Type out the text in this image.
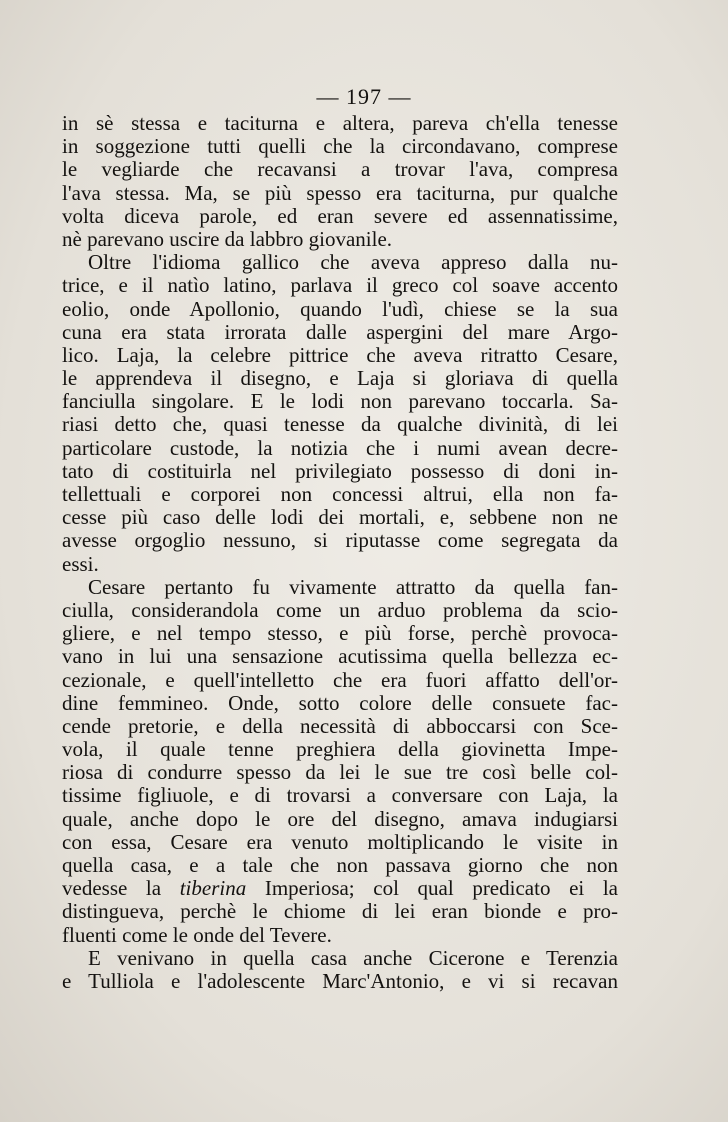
— 197 —
in sè stessa e taciturna e altera, pareva ch'ella tenesse
in soggezione tutti quelli che la circondavano, comprese
le vegliarde che recavansi a trovar l'ava, compresa
l'ava stessa. Ma, se più spesso era taciturna, pur qualche
volta diceva parole, ed eran severe ed assennatissime,
nè parevano uscire da labbro giovanile.
Oltre l'idioma gallico che aveva appreso dalla nu-
trice, e il natìo latino, parlava il greco col soave accento
eolio, onde Apollonio, quando l'udì, chiese se la sua
cuna era stata irrorata dalle aspergini del mare Argo-
lico. Laja, la celebre pittrice che aveva ritratto Cesare,
le apprendeva il disegno, e Laja si gloriava di quella
fanciulla singolare. E le lodi non parevano toccarla. Sa-
riasi detto che, quasi tenesse da qualche divinità, di lei
particolare custode, la notizia che i numi avean decre-
tato di costituirla nel privilegiato possesso di doni in-
tellettuali e corporei non concessi altrui, ella non fa-
cesse più caso delle lodi dei mortali, e, sebbene non ne
avesse orgoglio nessuno, si riputasse come segregata da
essi.
Cesare pertanto fu vivamente attratto da quella fan-
ciulla, considerandola come un arduo problema da scio-
gliere, e nel tempo stesso, e più forse, perchè provoca-
vano in lui una sensazione acutissima quella bellezza ec-
cezionale, e quell'intelletto che era fuori affatto dell'or-
dine femmineo. Onde, sotto colore delle consuete fac-
cende pretorie, e della necessità di abboccarsi con Sce-
vola, il quale tenne preghiera della giovinetta Impe-
riosa di condurre spesso da lei le sue tre così belle col-
tissime figliuole, e di trovarsi a conversare con Laja, la
quale, anche dopo le ore del disegno, amava indugiarsi
con essa, Cesare era venuto moltiplicando le visite in
quella casa, e a tale che non passava giorno che non
vedesse la tiberina Imperiosa; col qual predicato ei la
distingueva, perchè le chiome di lei eran bionde e pro-
fluenti come le onde del Tevere.
E venivano in quella casa anche Cicerone e Terenzia
e Tulliola e l'adolescente Marc'Antonio, e vi si recavan
